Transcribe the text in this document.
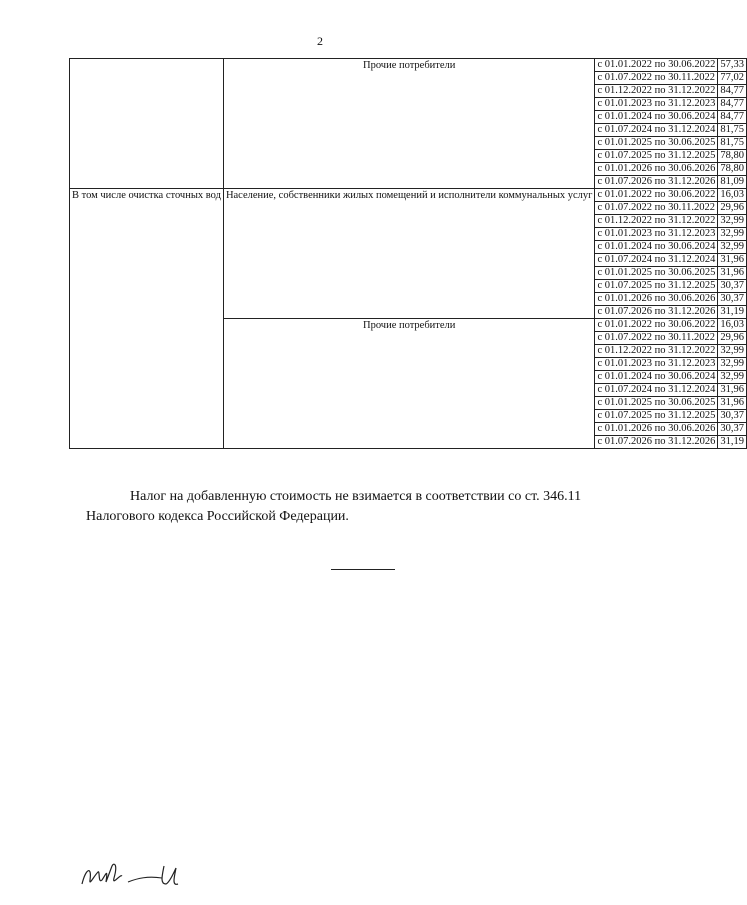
2
	Прочие потребители	с 01.01.2022 по 30.06.2022	57,33
		с 01.07.2022 по 30.11.2022	77,02
		с 01.12.2022 по 31.12.2022	84,77
		с 01.01.2023 по 31.12.2023	84,77
		с 01.01.2024 по 30.06.2024	84,77
		с 01.07.2024 по 31.12.2024	81,75
		с 01.01.2025 по 30.06.2025	81,75
		с 01.07.2025 по 31.12.2025	78,80
		с 01.01.2026 по 30.06.2026	78,80
		с 01.07.2026 по 31.12.2026	81,09
В том числе очистка сточных вод	Население, собственники жилых помещений и исполнители коммунальных услуг	с 01.01.2022 по 30.06.2022	16,03
		с 01.07.2022 по 30.11.2022	29,96
		с 01.12.2022 по 31.12.2022	32,99
		с 01.01.2023 по 31.12.2023	32,99
		с 01.01.2024 по 30.06.2024	32,99
		с 01.07.2024 по 31.12.2024	31,96
		с 01.01.2025 по 30.06.2025	31,96
		с 01.07.2025 по 31.12.2025	30,37
		с 01.01.2026 по 30.06.2026	30,37
		с 01.07.2026 по 31.12.2026	31,19
	Прочие потребители	с 01.01.2022 по 30.06.2022	16,03
		с 01.07.2022 по 30.11.2022	29,96
		с 01.12.2022 по 31.12.2022	32,99
		с 01.01.2023 по 31.12.2023	32,99
		с 01.01.2024 по 30.06.2024	32,99
		с 01.07.2024 по 31.12.2024	31,96
		с 01.01.2025 по 30.06.2025	31,96
		с 01.07.2025 по 31.12.2025	30,37
		с 01.01.2026 по 30.06.2026	30,37
		с 01.07.2026 по 31.12.2026	31,19
Налог на добавленную стоимость не взимается в соответствии со ст. 346.11 Налогового кодекса Российской Федерации.
